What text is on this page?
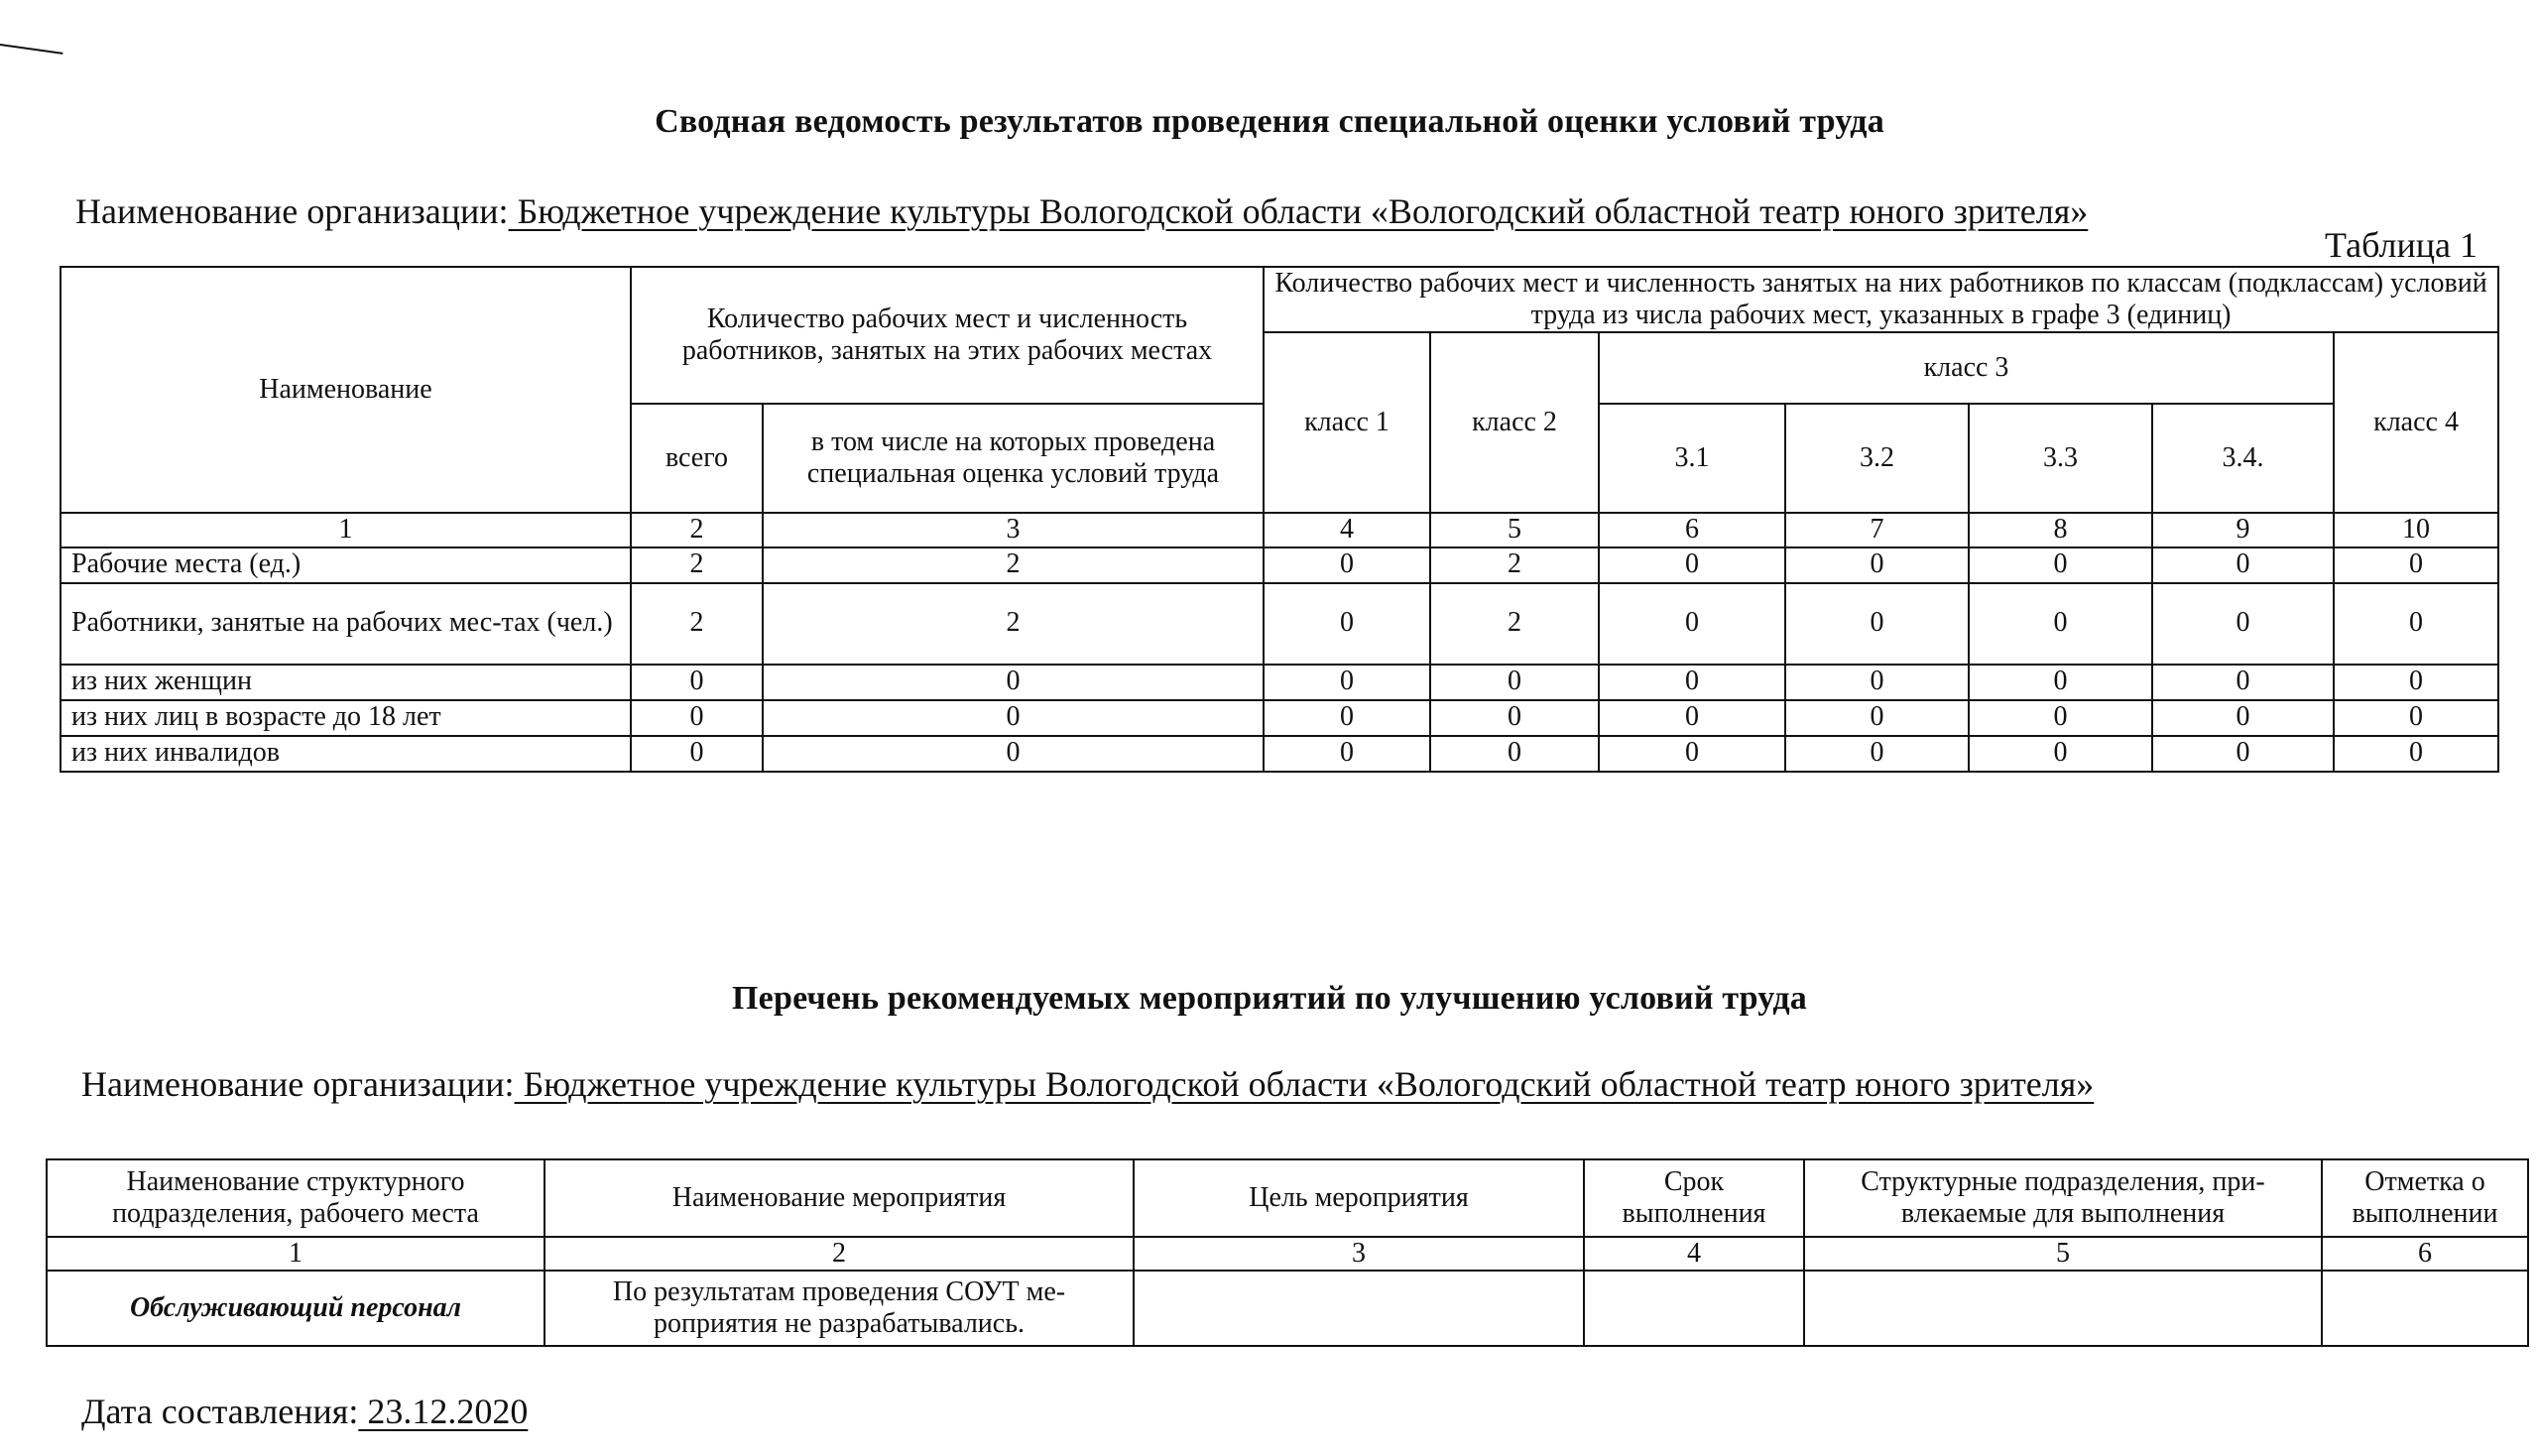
Сводная ведомость результатов проведения специальной оценки условий труда
Наименование организации: Бюджетное учреждение культуры Вологодской области «Вологодский областной театр юного зрителя»
Таблица 1
Наименование	Количество рабочих мест и численность работников, занятых на этих рабочих местах		Количество рабочих мест и численность занятых на них работников по классам (подклассам) условий труда из числа рабочих мест, указанных в графе 3 (единиц)						
			класс 1	класс 2	класс 3				класс 4
	всего	в том числе на которых проведена специальная оценка условий труда			3.1	3.2	3.3	3.4.	
1	2	3	4	5	6	7	8	9	10
Рабочие места (ед.)	2	2	0	2	0	0	0	0	0
Работники, занятые на рабочих мес-тах (чел.)	2	2	0	2	0	0	0	0	0
из них женщин	0	0	0	0	0	0	0	0	0
из них лиц в возрасте до 18 лет	0	0	0	0	0	0	0	0	0
из них инвалидов	0	0	0	0	0	0	0	0	0
Перечень рекомендуемых мероприятий по улучшению условий труда
Наименование организации: Бюджетное учреждение культуры Вологодской области «Вологодский областной театр юного зрителя»
Наименование структурного подразделения, рабочего места	Наименование мероприятия	Цель мероприятия	Срок выполнения	Структурные подразделения, при-влекаемые для выполнения	Отметка о выполнении
1	2	3	4	5	6
Обслуживающий персонал	По результатам проведения СОУТ ме-роприятия не разрабатывались.				
Дата составления: 23.12.2020
